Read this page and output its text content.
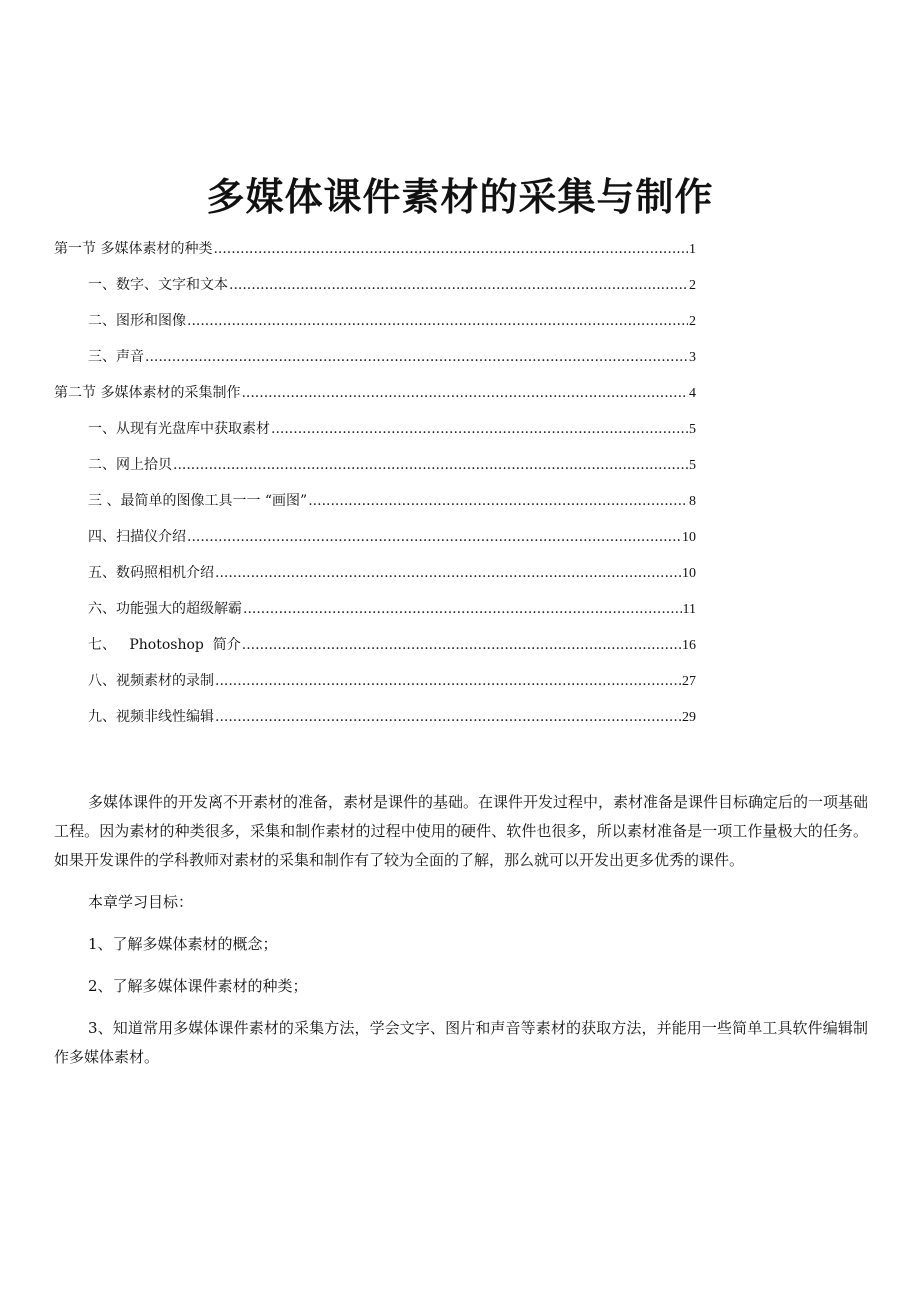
多媒体课件素材的采集与制作
第一节 多媒体素材的种类 .....	1
一、数字、文字和文本 .....	2
二、图形和图像 .....	2
三、声音 .....	3
第二节 多媒体素材的采集制作 .....	4
一、从现有光盘库中获取素材 .....	5
二、网上拾贝 .....	5
三 、最简单的图像工具一一 “画图” .....	8
四、扫描仪介绍 .....	10
五、数码照相机介绍 .....	10
六、功能强大的超级解霸 .....	11
七、   Photoshop  简介 .....	16
八、视频素材的录制 .....	27
九、视频非线性编辑 .....	29

多媒体课件的开发离不开素材的准备，素材是课件的基础。在课件开发过程中，素材准备是课件目标确定后的一项基础工程。因为素材的种类很多，采集和制作素材的过程中使用的硬件、软件也很多，所以素材准备是一项工作量极大的任务。如果开发课件的学科教师对素材的采集和制作有了较为全面的了解，那么就可以开发出更多优秀的课件。

本章学习目标：

1、了解多媒体素材的概念；

2、了解多媒体课件素材的种类；

3、知道常用多媒体课件素材的采集方法，学会文字、图片和声音等素材的获取方法，并能用一些简单工具软件编辑制作多媒体素材。
